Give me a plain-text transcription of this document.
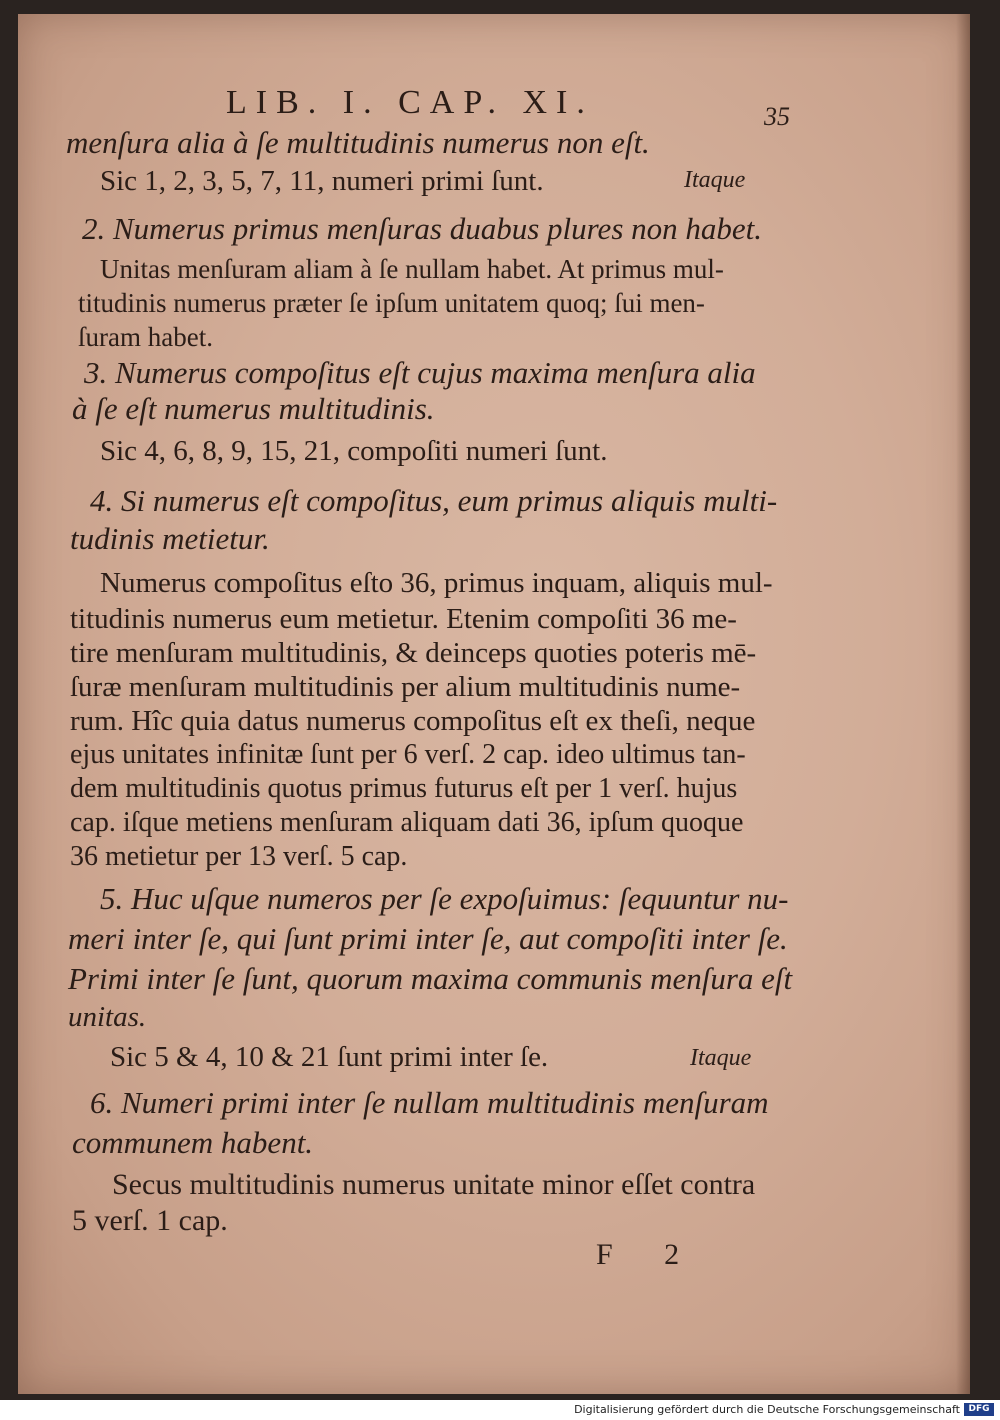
LIB. I. CAP. XI.	35
menſura alia à ſe multitudinis numerus non eſt.
Sic 1, 2, 3, 5, 7, 11, numeri primi ſunt.	Itaque
2. Numerus primus menſuras duabus plures non habet.
Unitas menſuram aliam à ſe nullam habet. At primus mul-
titudinis numerus præter ſe ipſum unitatem quoq; ſui men-
ſuram habet.
3. Numerus compoſitus eſt cujus maxima menſura alia
à ſe eſt numerus multitudinis.
Sic 4, 6, 8, 9, 15, 21, compoſiti numeri ſunt.
4. Si numerus eſt compoſitus, eum primus aliquis multi-
tudinis metietur.
Numerus compoſitus eſto 36, primus inquam, aliquis mul-
titudinis numerus eum metietur. Etenim compoſiti 36 me-
tire menſuram multitudinis, & deinceps quoties poteris mē-
ſuræ menſuram multitudinis per alium multitudinis nume-
rum. Hîc quia datus numerus compoſitus eſt ex theſi, neque
ejus unitates infinitæ ſunt per 6 verſ. 2 cap. ideo ultimus tan-
dem multitudinis quotus primus futurus eſt per 1 verſ. hujus
cap. iſque metiens menſuram aliquam dati 36, ipſum quoque
36 metietur per 13 verſ. 5 cap.
5. Huc uſque numeros per ſe expoſuimus: ſequuntur nu-
meri inter ſe, qui ſunt primi inter ſe, aut compoſiti inter ſe.
Primi inter ſe ſunt, quorum maxima communis menſura eſt
unitas.
Sic 5 & 4, 10 & 21 ſunt primi inter ſe.	Itaque
6. Numeri primi inter ſe nullam multitudinis menſuram
communem habent.
Secus multitudinis numerus unitate minor eſſet contra
5 verſ. 1 cap.
F 2
Digitalisierung gefördert durch die Deutsche Forschungsgemeinschaft DFG
